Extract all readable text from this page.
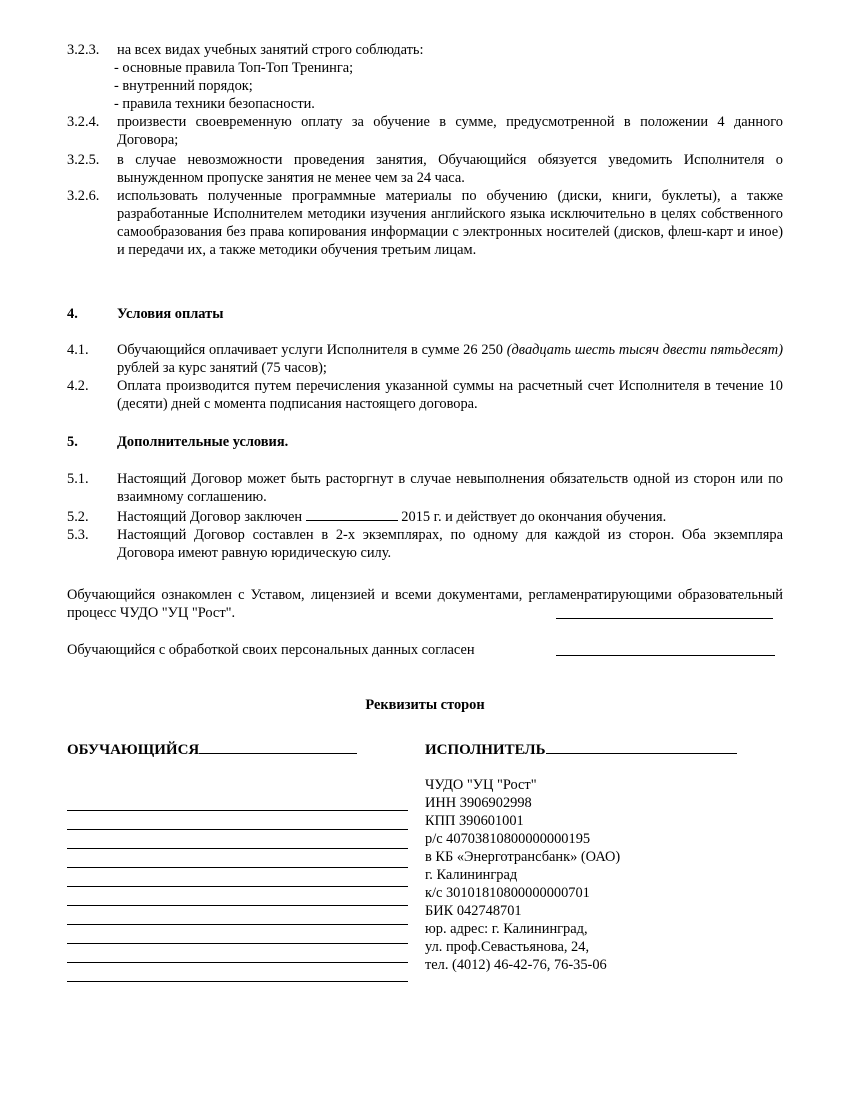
3.2.3. на всех видах учебных занятий строго соблюдать:
- основные правила Топ-Топ Тренинга;
- внутренний порядок;
- правила техники безопасности.
3.2.4. произвести своевременную оплату за обучение в сумме, предусмотренной в положении 4 данного Договора;
3.2.5. в случае невозможности проведения занятия, Обучающийся обязуется уведомить Исполнителя о вынужденном пропуске занятия не менее чем за 24 часа.
3.2.6. использовать полученные программные материалы по обучению (диски, книги, буклеты), а также разработанные Исполнителем методики изучения английского языка исключительно в целях собственного самообразования без права копирования информации с электронных носителей (дисков, флеш-карт и иное) и передачи их, а также методики обучения третьим лицам.
4.	Условия оплаты
4.1. Обучающийся оплачивает услуги Исполнителя в сумме 26 250 (двадцать шесть тысяч двести пятьдесят) рублей за курс занятий (75 часов);
4.2. Оплата производится путем перечисления указанной суммы на расчетный счет Исполнителя в течение 10 (десяти) дней с момента подписания настоящего договора.
5.	Дополнительные условия.
5.1. Настоящий Договор может быть расторгнут в случае невыполнения обязательств одной из сторон или по взаимному соглашению.
5.2. Настоящий Договор заключен	2015 г. и действует до окончания обучения.
5.3. Настоящий Договор составлен в 2-х экземплярах, по одному для каждой из сторон. Оба экземпляра Договора имеют равную юридическую силу.
Обучающийся ознакомлен с Уставом, лицензией и всеми документами, регламенратирующими образовательный процесс ЧУДО "УЦ "Рост".
Обучающийся с обработкой своих персональных данных согласен
Реквизиты сторон
ОБУЧАЮЩИЙСЯ	ИСПОЛНИТЕЛЬ
ЧУДО "УЦ "Рост"
ИНН 3906902998
КПП 390601001
р/с 40703810800000000195
в КБ «Энерготрансбанк» (ОАО)
г. Калининград
к/с 30101810800000000701
БИК 042748701
юр. адрес: г. Калининград,
ул. проф.Севастьянова, 24,
тел. (4012) 46-42-76, 76-35-06
